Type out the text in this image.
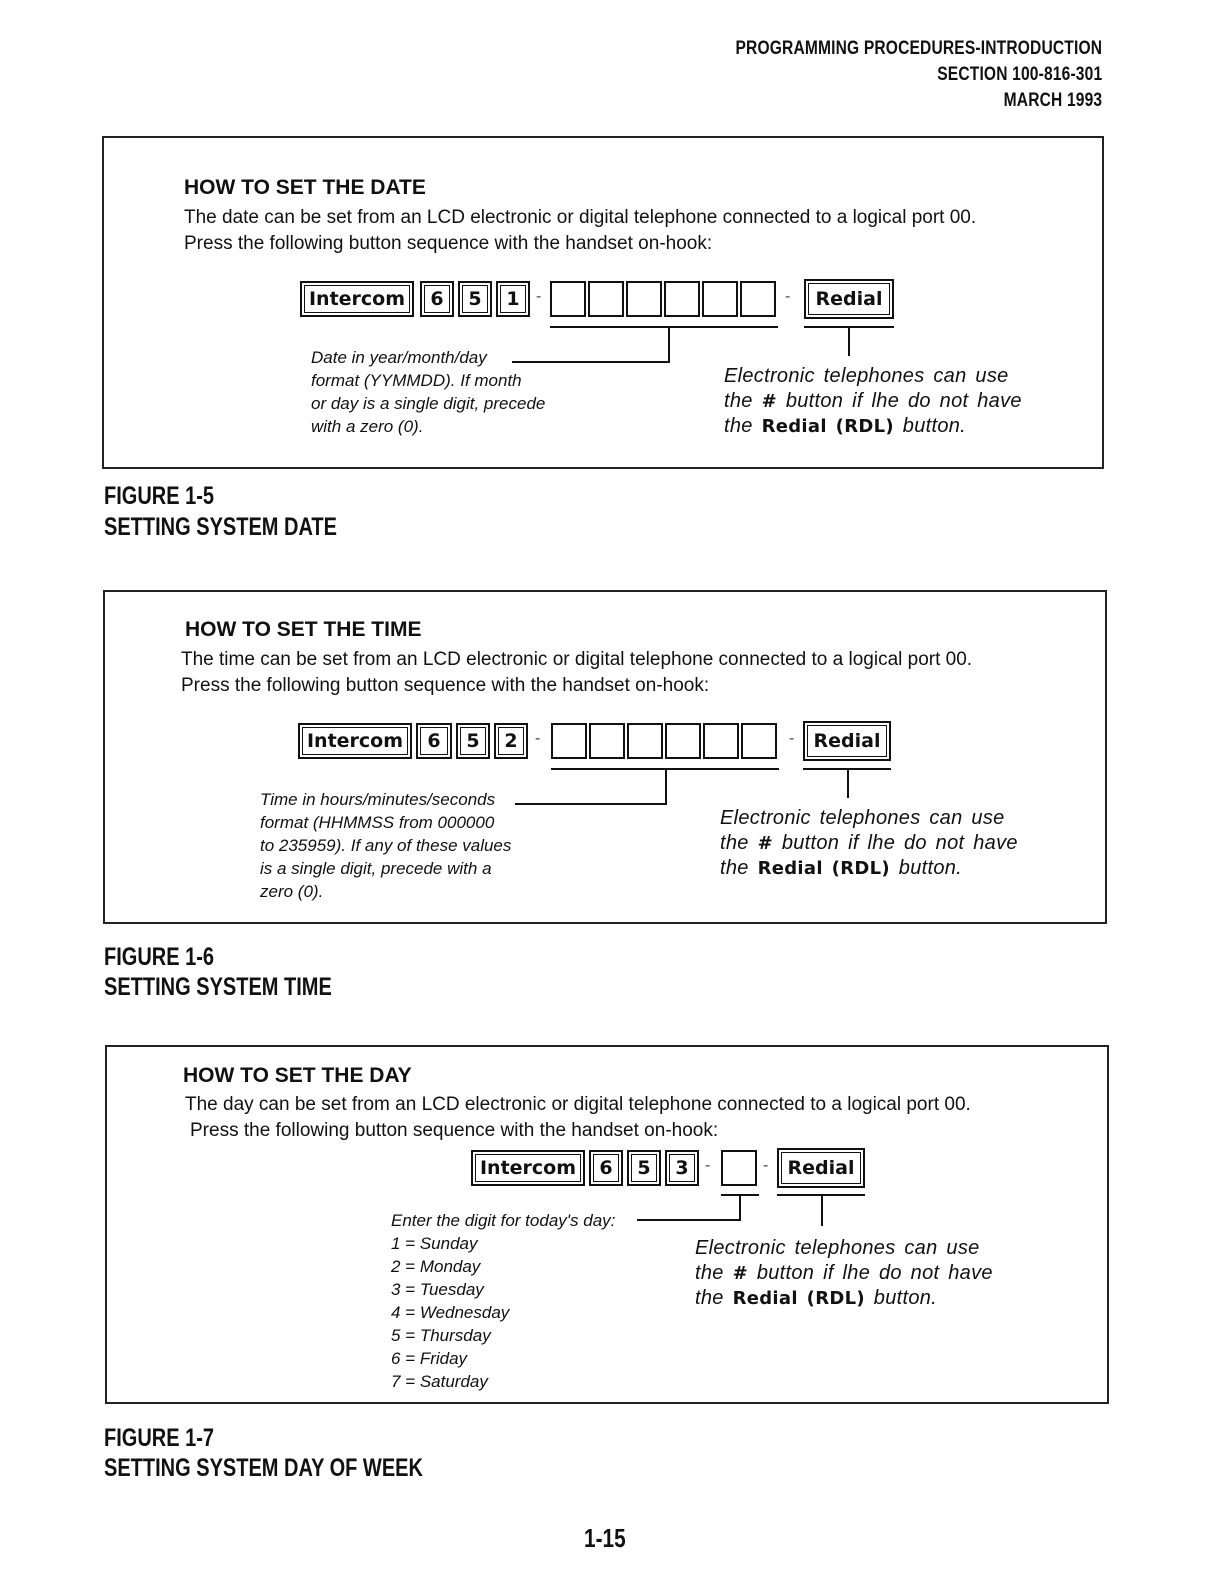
PROGRAMMING PROCEDURES-INTRODUCTION
SECTION 100-816-301
MARCH 1993
HOW TO SET THE DATE
The date can be set from an LCD electronic or digital telephone connected to a logical port 00.
Press the following button sequence with the handset on-hook:
Intercom	6	5	1	-	-	Redial
Date in year/month/day
format (YYMMDD). If month
or day is a single digit, precede
with a zero (0).
Electronic telephones can use
the # button if lhe do not have
the Redial (RDL) button.
FIGURE 1-5
SETTING SYSTEM DATE
HOW TO SET THE TIME
The time can be set from an LCD electronic or digital telephone connected to a logical port 00.
Press the following button sequence with the handset on-hook:
Intercom	6	5	2	-	-	Redial
Time in hours/minutes/seconds
format (HHMMSS from 000000
to 235959). If any of these values
is a single digit, precede with a
zero (0).
Electronic telephones can use
the # button if lhe do not have
the Redial (RDL) button.
FIGURE 1-6
SETTING SYSTEM TIME
HOW TO SET THE DAY
The day can be set from an LCD electronic or digital telephone connected to a logical port 00.
Press the following button sequence with the handset on-hook:
Intercom	6	5	3	-	-	Redial
Enter the digit for today's day:
1 = Sunday
2 = Monday
3 = Tuesday
4 = Wednesday
5 = Thursday
6 = Friday
7 = Saturday
Electronic telephones can use
the # button if lhe do not have
the Redial (RDL) button.
FIGURE 1-7
SETTING SYSTEM DAY OF WEEK
1-15
